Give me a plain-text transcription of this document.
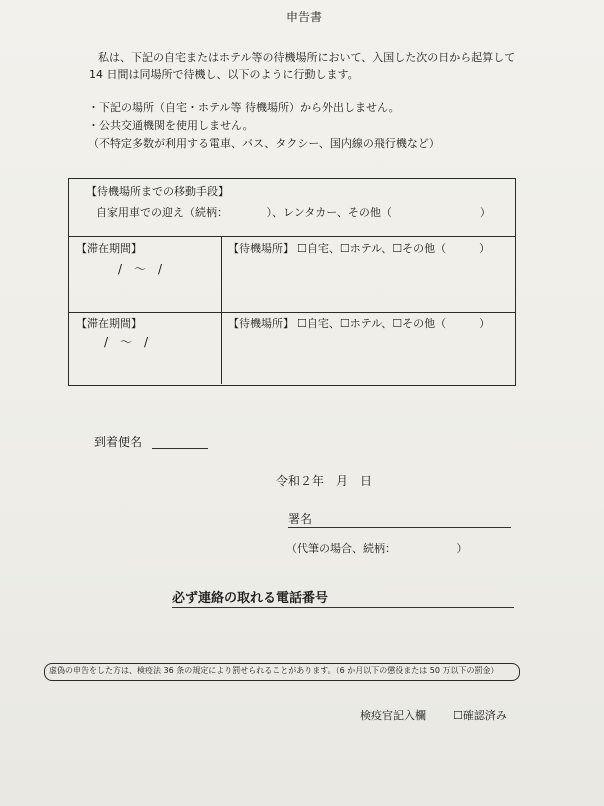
申告書
私は、下記の自宅またはホテル等の待機場所において、入国した次の日から起算して
14 日間は同場所で待機し、以下のように行動します。
・下記の場所（自宅・ホテル等 待機場所）から外出しません。
・公共交通機関を使用しません。
（不特定多数が利用する電車、バス、タクシー、国内線の飛行機など）
【待機場所までの移動手段】
自家用車での迎え（続柄：　　　　）、レンタカー、その他（　　　　　　　　）
【滞在期間】
/　～　/
【待機場所】 ☐自宅、☐ホテル、☐その他（　　　）
【滞在期間】
/　～　/
【待機場所】 ☐自宅、☐ホテル、☐その他（　　　）
到着便名
令和２年　月　日
署名
（代筆の場合、続柄：　　　　　　）
必ず連絡の取れる電話番号
虚偽の申告をした方は、検疫法 36 条の規定により罰せられることがあります。（6 か月以下の懲役または 50 万以下の罰金）
検疫官記入欄 ☐確認済み
